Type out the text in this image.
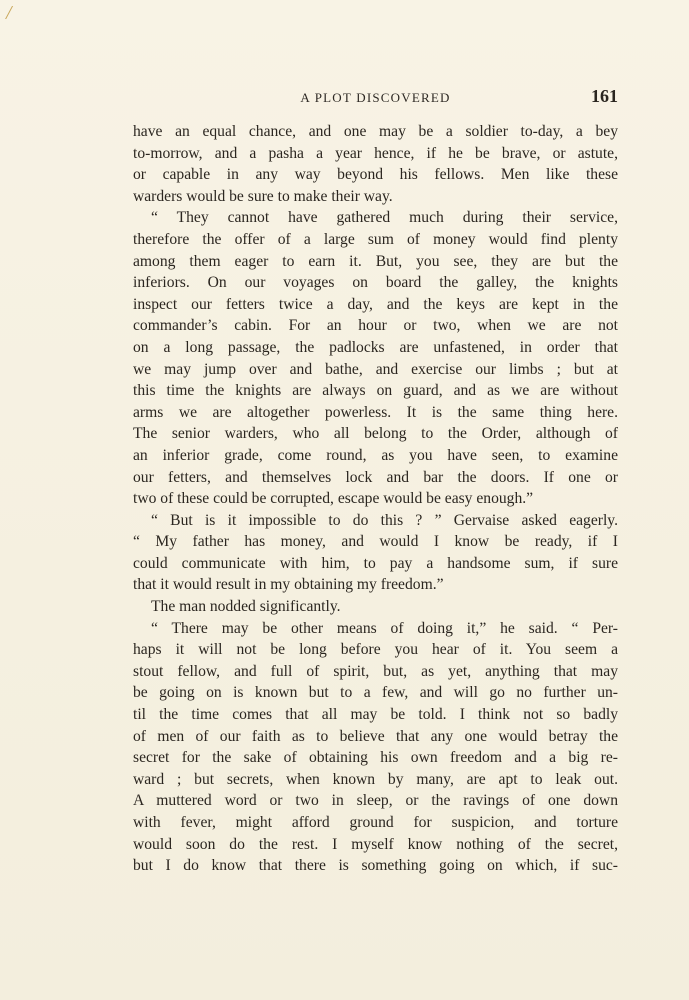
/
A PLOT DISCOVERED	161
have an equal chance, and one may be a soldier to-day, a bey
to-morrow, and a pasha a year hence, if he be brave, or astute,
or capable in any way beyond his fellows. Men like these
warders would be sure to make their way.
“ They cannot have gathered much during their service,
therefore the offer of a large sum of money would find plenty
among them eager to earn it. But, you see, they are but the
inferiors. On our voyages on board the galley, the knights
inspect our fetters twice a day, and the keys are kept in the
commander’s cabin. For an hour or two, when we are not
on a long passage, the padlocks are unfastened, in order that
we may jump over and bathe, and exercise our limbs ; but at
this time the knights are always on guard, and as we are without
arms we are altogether powerless. It is the same thing here.
The senior warders, who all belong to the Order, although of
an inferior grade, come round, as you have seen, to examine
our fetters, and themselves lock and bar the doors. If one or
two of these could be corrupted, escape would be easy enough.”
“ But is it impossible to do this ? ” Gervaise asked eagerly.
“ My father has money, and would I know be ready, if I
could communicate with him, to pay a handsome sum, if sure
that it would result in my obtaining my freedom.”
The man nodded significantly.
“ There may be other means of doing it,” he said. “ Per-
haps it will not be long before you hear of it. You seem a
stout fellow, and full of spirit, but, as yet, anything that may
be going on is known but to a few, and will go no further un-
til the time comes that all may be told. I think not so badly
of men of our faith as to believe that any one would betray the
secret for the sake of obtaining his own freedom and a big re-
ward ; but secrets, when known by many, are apt to leak out.
A muttered word or two in sleep, or the ravings of one down
with fever, might afford ground for suspicion, and torture
would soon do the rest. I myself know nothing of the secret,
but I do know that there is something going on which, if suc-
